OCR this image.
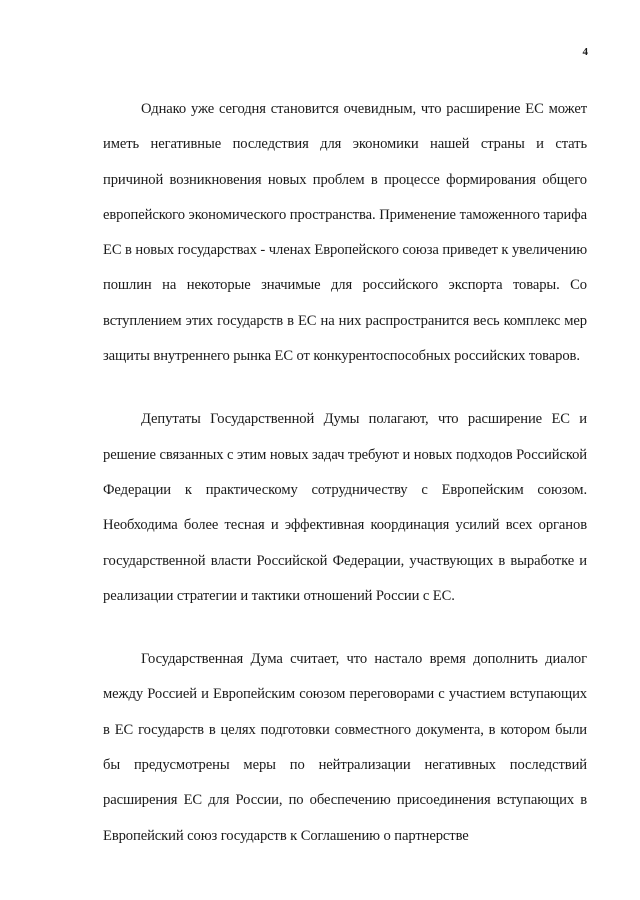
4

Однако уже сегодня становится очевидным, что расширение ЕС может иметь негативные последствия для экономики нашей страны и стать причиной возникновения новых проблем в процессе формирования общего европейского экономического пространства. Применение таможенного тарифа ЕС в новых государствах - членах Европейского союза приведет к увеличению пошлин на некоторые значимые для российского экспорта товары. Со вступлением этих государств в ЕС на них распространится весь комплекс мер защиты внутреннего рынка ЕС от конкурентоспособных российских товаров.

Депутаты Государственной Думы полагают, что расширение ЕС и решение связанных с этим новых задач требуют и новых подходов Российской Федерации к практическому сотрудничеству с Европейским союзом. Необходима более тесная и эффективная координация усилий всех органов государственной власти Российской Федерации, участвующих в выработке и реализации стратегии и тактики отношений России с ЕС.

Государственная Дума считает, что настало время дополнить диалог между Россией и Европейским союзом переговорами с участием вступающих в ЕС государств в целях подготовки совместного документа, в котором были бы предусмотрены меры по нейтрализации негативных последствий расширения ЕС для России, по обеспечению присоединения вступающих в Европейский союз государств к Соглашению о партнерстве
